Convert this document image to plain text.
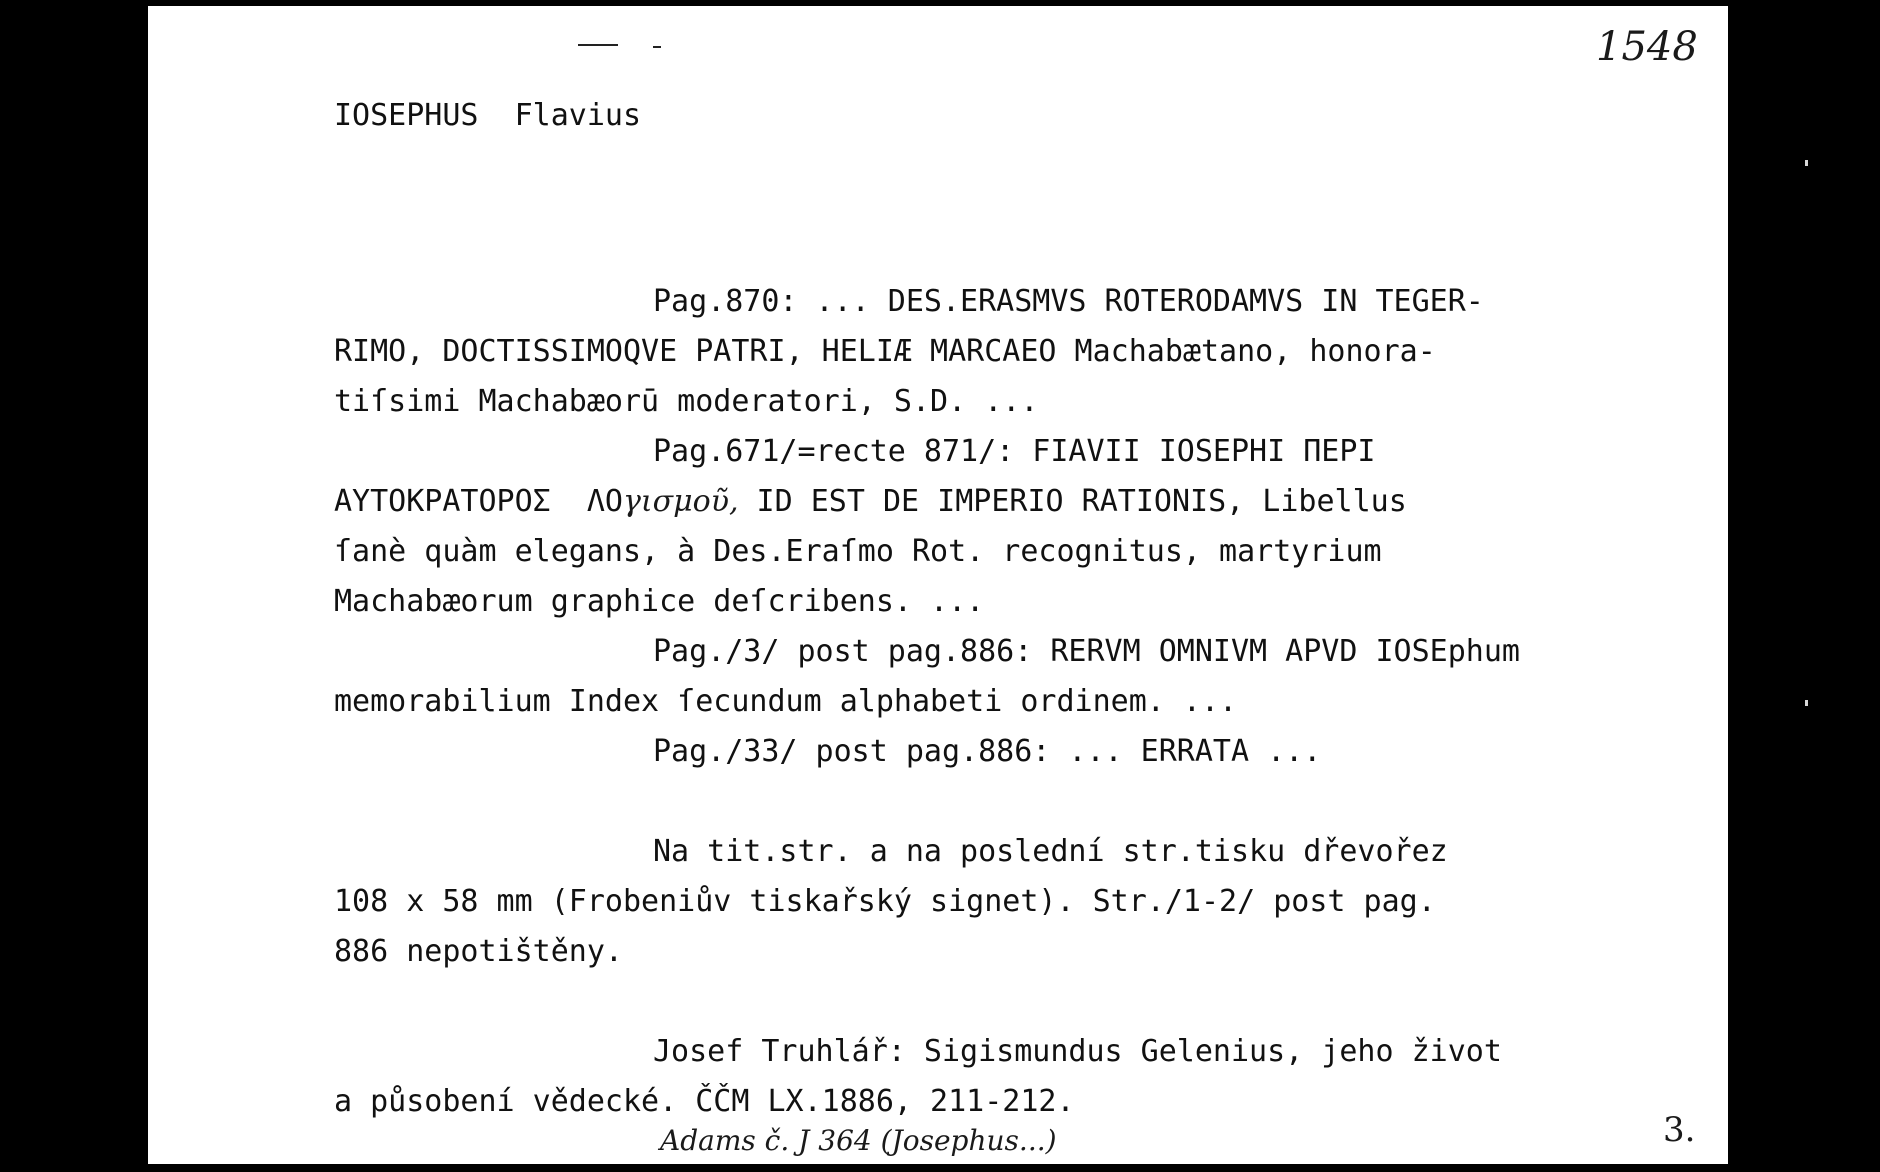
1548
IOSEPHUS  Flavius
Pag.870: ... DES.ERASMVS ROTERODAMVS IN TEGER-
RIMO, DOCTISSIMOQVE PATRI, HELIÆ MARCAEO Machabætano, honora-
tiſsimi Machabæorū moderatori, S.D. ...
Pag.671/=recte 871/: FIAVII IOSEPHI ΠΕΡΙ
ΑΥΤΟΚΡΑΤΟΡΟΣ  ΛΟγισμοῦ, ID EST DE IMPERIO RATIONIS, Libellus
ſanè quàm elegans, à Des.Eraſmo Rot. recognitus, martyrium
Machabæorum graphice deſcribens. ...
Pag./3/ post pag.886: RERVM OMNIVM APVD IOSEphum
memorabilium Index ſecundum alphabeti ordinem. ...
Pag./33/ post pag.886: ... ERRATA ...
Na tit.str. a na poslední str.tisku dřevořez
108 x 58 mm (Frobeniův tiskařský signet). Str./1-2/ post pag.
886 nepotištěny.
Josef Truhlář: Sigismundus Gelenius, jeho život
a působení vědecké. ČČM LX.1886, 211-212.
Adams č. J 364 (Josephus...)	3.
